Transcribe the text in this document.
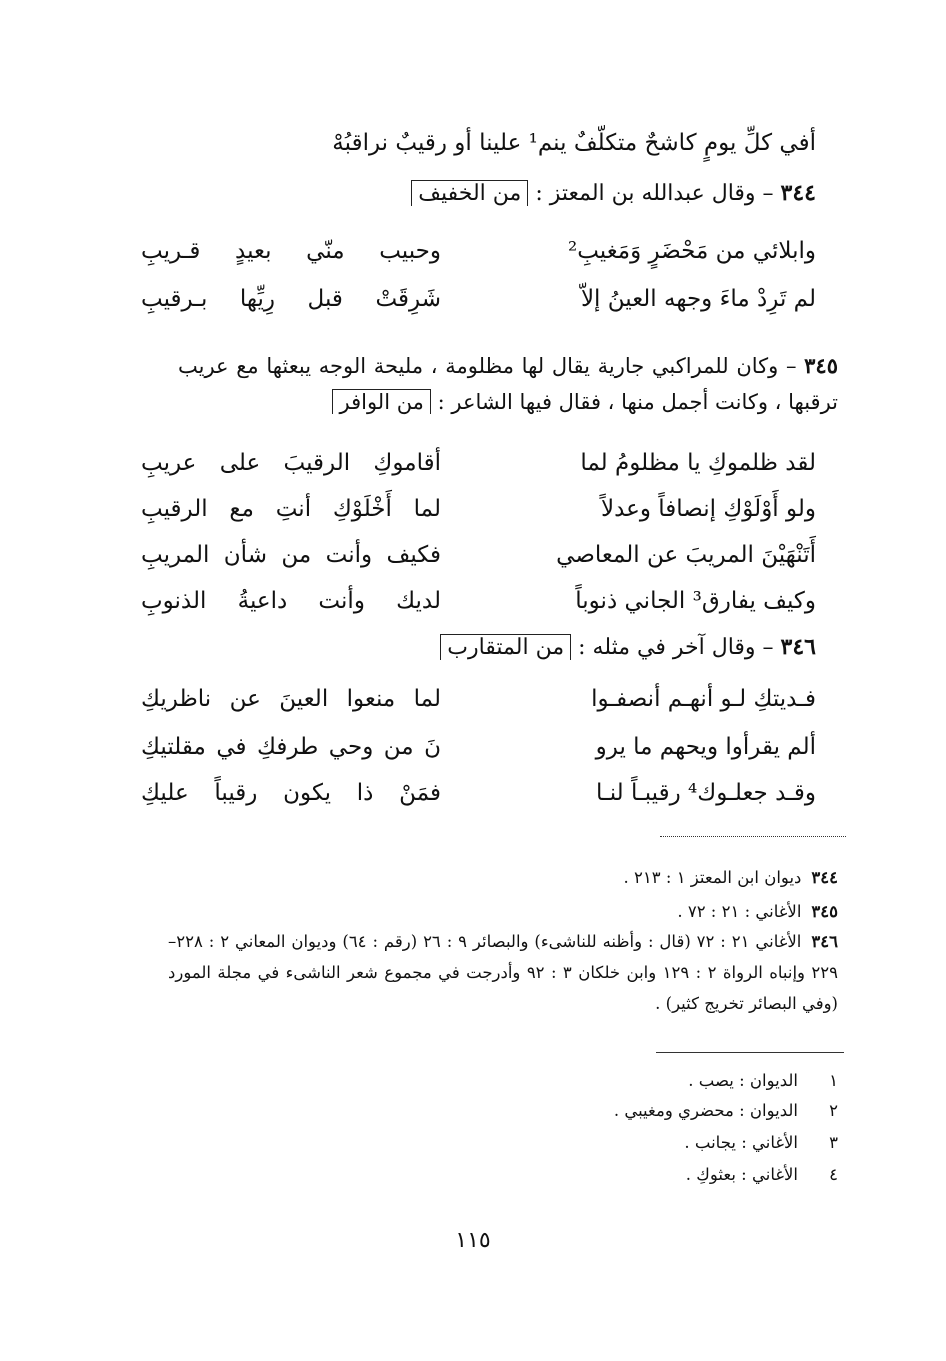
أفي كلِّ يومٍ كاشحٌ متكلّفٌ ينم¹ علينا أو رقيبٌ نراقبُهْ
٣٤٤ – وقال عبدالله بن المعتز : من الخفيف
وابلائي من مَحْضَرٍ وَمَغيبِ²
وحبيب منّي بعيدٍ قـريبِ
لم تَرِدْ ماءَ وجهه العينُ إلاّ
شَرِقَتْ قبل رِيِّها بـرقيبِ
٣٤٥ – وكان للمراكبي جارية يقال لها مظلومة ، مليحة الوجه يبعثها مع عريب ترقبها ، وكانت أجمل منها ، فقال فيها الشاعر : من الوافر
لقد ظلموكِ يا مظلومُ لما
أقاموكِ الرقيبَ على عريبِ
ولو أَوْلَوْكِ إنصافاً وعدلاً
لما أَخْلَوْكِ أنتِ مع الرقيبِ
أَتَنْهَيْنَ المريبَ عن المعاصي
فكيف وأنت من شأن المريبِ
وكيف يفارق³ الجاني ذنوباً
لديك وأنت داعيةُ الذنوبِ
٣٤٦ – وقال آخر في مثله : من المتقارب
فـديتكِ لـو أنهـم أنصفـوا
لما منعوا العينَ عن ناظريكِ
ألم يقرأوا ويحهم ما يرو
نَ من وحي طرفكِ في مقلتيكِ
وقـد جعلـوك⁴ رقيبـاً لنـا
فمَنْ ذا يكون رقيباً عليكِ
٣٤٤ديوان ابن المعتز ١ : ٢١٣ .
٣٤٥الأغاني : ٢١ : ٧٢ .
٣٤٦الأغاني ٢١ : ٧٢ (قال : وأظنه للناشىء) والبصائر ٩ : ٢٦ (رقم : ٦٤) وديوان المعاني ٢ : ٢٢٨–٢٢٩ وإنباه الرواة ٢ : ١٢٩ وابن خلكان ٣ : ٩٢ وأدرجت في مجموع شعر الناشىء في مجلة المورد (وفي البصائر تخريج كثير) .
١الديوان : يصب .
٢الديوان : محضري ومغيبي .
٣الأغاني : يجانب .
٤الأغاني : بعثوكِ .
١١٥
